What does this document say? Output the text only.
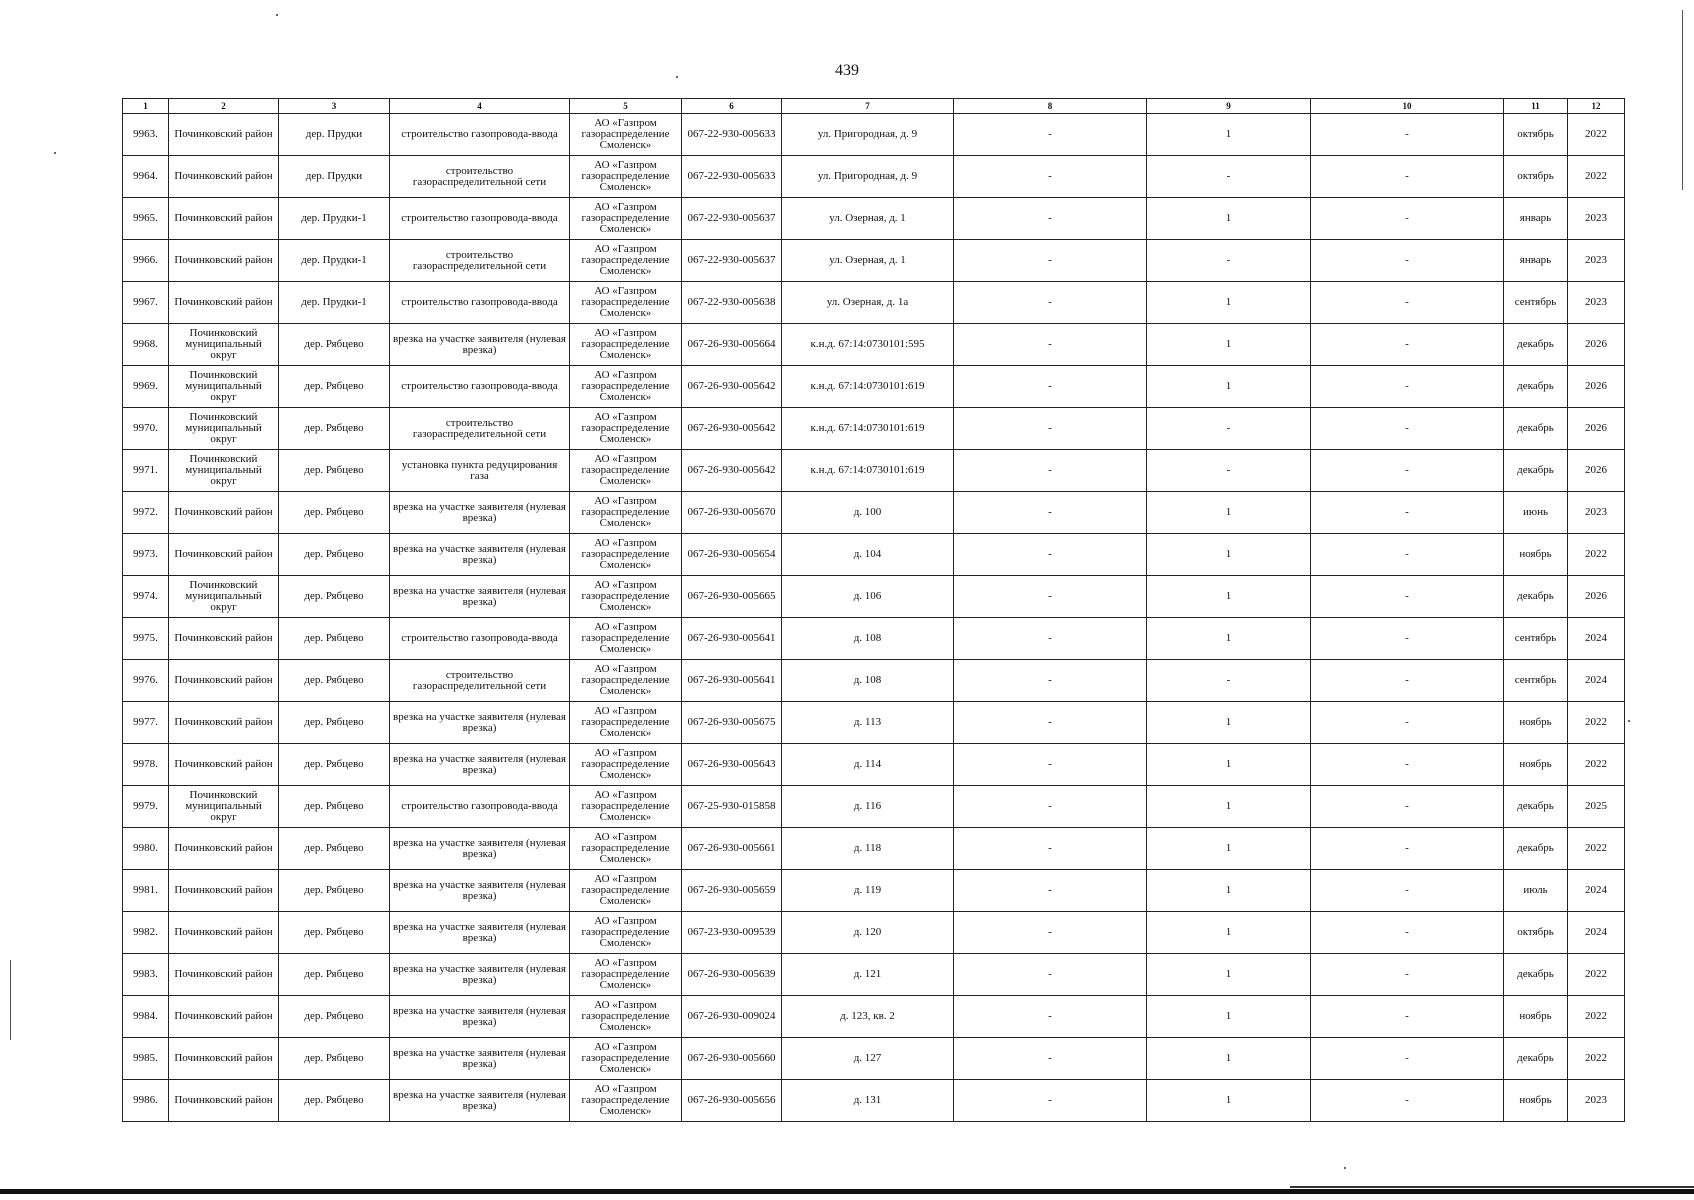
439
1	2	3	4	5	6	7	8	9	10	11	12
9963.	Починковский район	дер. Прудки	строительство газопровода-ввода	АО «Газпром газораспределение Смоленск»	067-22-930-005633	ул. Пригородная, д. 9	-	1	-	октябрь	2022
9964.	Починковский район	дер. Прудки	строительство газораспределительной сети	АО «Газпром газораспределение Смоленск»	067-22-930-005633	ул. Пригородная, д. 9	-	-	-	октябрь	2022
9965.	Починковский район	дер. Прудки-1	строительство газопровода-ввода	АО «Газпром газораспределение Смоленск»	067-22-930-005637	ул. Озерная, д. 1	-	1	-	январь	2023
9966.	Починковский район	дер. Прудки-1	строительство газораспределительной сети	АО «Газпром газораспределение Смоленск»	067-22-930-005637	ул. Озерная, д. 1	-	-	-	январь	2023
9967.	Починковский район	дер. Прудки-1	строительство газопровода-ввода	АО «Газпром газораспределение Смоленск»	067-22-930-005638	ул. Озерная, д. 1а	-	1	-	сентябрь	2023
9968.	Починковский муниципальный округ	дер. Рябцево	врезка на участке заявителя (нулевая врезка)	АО «Газпром газораспределение Смоленск»	067-26-930-005664	к.н.д. 67:14:0730101:595	-	1	-	декабрь	2026
9969.	Починковский муниципальный округ	дер. Рябцево	строительство газопровода-ввода	АО «Газпром газораспределение Смоленск»	067-26-930-005642	к.н.д. 67:14:0730101:619	-	1	-	декабрь	2026
9970.	Починковский муниципальный округ	дер. Рябцево	строительство газораспределительной сети	АО «Газпром газораспределение Смоленск»	067-26-930-005642	к.н.д. 67:14:0730101:619	-	-	-	декабрь	2026
9971.	Починковский муниципальный округ	дер. Рябцево	установка пункта редуцирования газа	АО «Газпром газораспределение Смоленск»	067-26-930-005642	к.н.д. 67:14:0730101:619	-	-	-	декабрь	2026
9972.	Починковский район	дер. Рябцево	врезка на участке заявителя (нулевая врезка)	АО «Газпром газораспределение Смоленск»	067-26-930-005670	д. 100	-	1	-	июнь	2023
9973.	Починковский район	дер. Рябцево	врезка на участке заявителя (нулевая врезка)	АО «Газпром газораспределение Смоленск»	067-26-930-005654	д. 104	-	1	-	ноябрь	2022
9974.	Починковский муниципальный округ	дер. Рябцево	врезка на участке заявителя (нулевая врезка)	АО «Газпром газораспределение Смоленск»	067-26-930-005665	д. 106	-	1	-	декабрь	2026
9975.	Починковский район	дер. Рябцево	строительство газопровода-ввода	АО «Газпром газораспределение Смоленск»	067-26-930-005641	д. 108	-	1	-	сентябрь	2024
9976.	Починковский район	дер. Рябцево	строительство газораспределительной сети	АО «Газпром газораспределение Смоленск»	067-26-930-005641	д. 108	-	-	-	сентябрь	2024
9977.	Починковский район	дер. Рябцево	врезка на участке заявителя (нулевая врезка)	АО «Газпром газораспределение Смоленск»	067-26-930-005675	д. 113	-	1	-	ноябрь	2022
9978.	Починковский район	дер. Рябцево	врезка на участке заявителя (нулевая врезка)	АО «Газпром газораспределение Смоленск»	067-26-930-005643	д. 114	-	1	-	ноябрь	2022
9979.	Починковский муниципальный округ	дер. Рябцево	строительство газопровода-ввода	АО «Газпром газораспределение Смоленск»	067-25-930-015858	д. 116	-	1	-	декабрь	2025
9980.	Починковский район	дер. Рябцево	врезка на участке заявителя (нулевая врезка)	АО «Газпром газораспределение Смоленск»	067-26-930-005661	д. 118	-	1	-	декабрь	2022
9981.	Починковский район	дер. Рябцево	врезка на участке заявителя (нулевая врезка)	АО «Газпром газораспределение Смоленск»	067-26-930-005659	д. 119	-	1	-	июль	2024
9982.	Починковский район	дер. Рябцево	врезка на участке заявителя (нулевая врезка)	АО «Газпром газораспределение Смоленск»	067-23-930-009539	д. 120	-	1	-	октябрь	2024
9983.	Починковский район	дер. Рябцево	врезка на участке заявителя (нулевая врезка)	АО «Газпром газораспределение Смоленск»	067-26-930-005639	д. 121	-	1	-	декабрь	2022
9984.	Починковский район	дер. Рябцево	врезка на участке заявителя (нулевая врезка)	АО «Газпром газораспределение Смоленск»	067-26-930-009024	д. 123, кв. 2	-	1	-	ноябрь	2022
9985.	Починковский район	дер. Рябцево	врезка на участке заявителя (нулевая врезка)	АО «Газпром газораспределение Смоленск»	067-26-930-005660	д. 127	-	1	-	декабрь	2022
9986.	Починковский район	дер. Рябцево	врезка на участке заявителя (нулевая врезка)	АО «Газпром газораспределение Смоленск»	067-26-930-005656	д. 131	-	1	-	ноябрь	2023
